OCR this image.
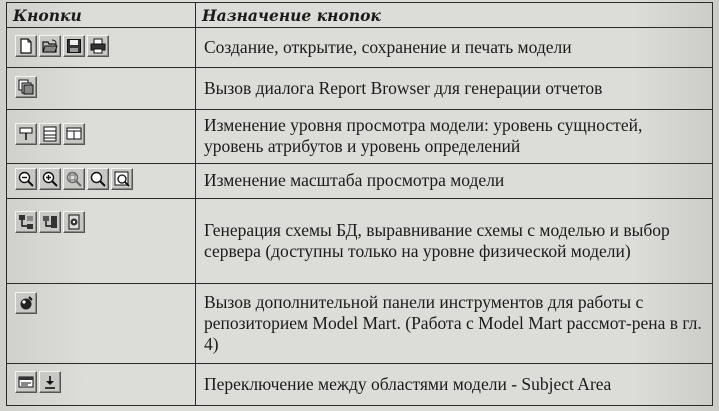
Кнопки	Назначение кнопок

	Создание, открытие, сохранение и печать модели

	Вызов диалога Report Browser для генерации отчетов

	Изменение уровня просмотра модели: уровень сущностей, уровень атрибутов и уровень определений

	Изменение масштаба просмотра модели

	Генерация схемы БД, выравнивание схемы с моделью и выбор сервера (доступны только на уровне физической модели)

	Вызов дополнительной панели инструментов для работы с репозиторием Model Mart. (Работа с Model Mart рассмот-рена в гл. 4)

	Переключение между областями модели - Subject Area
